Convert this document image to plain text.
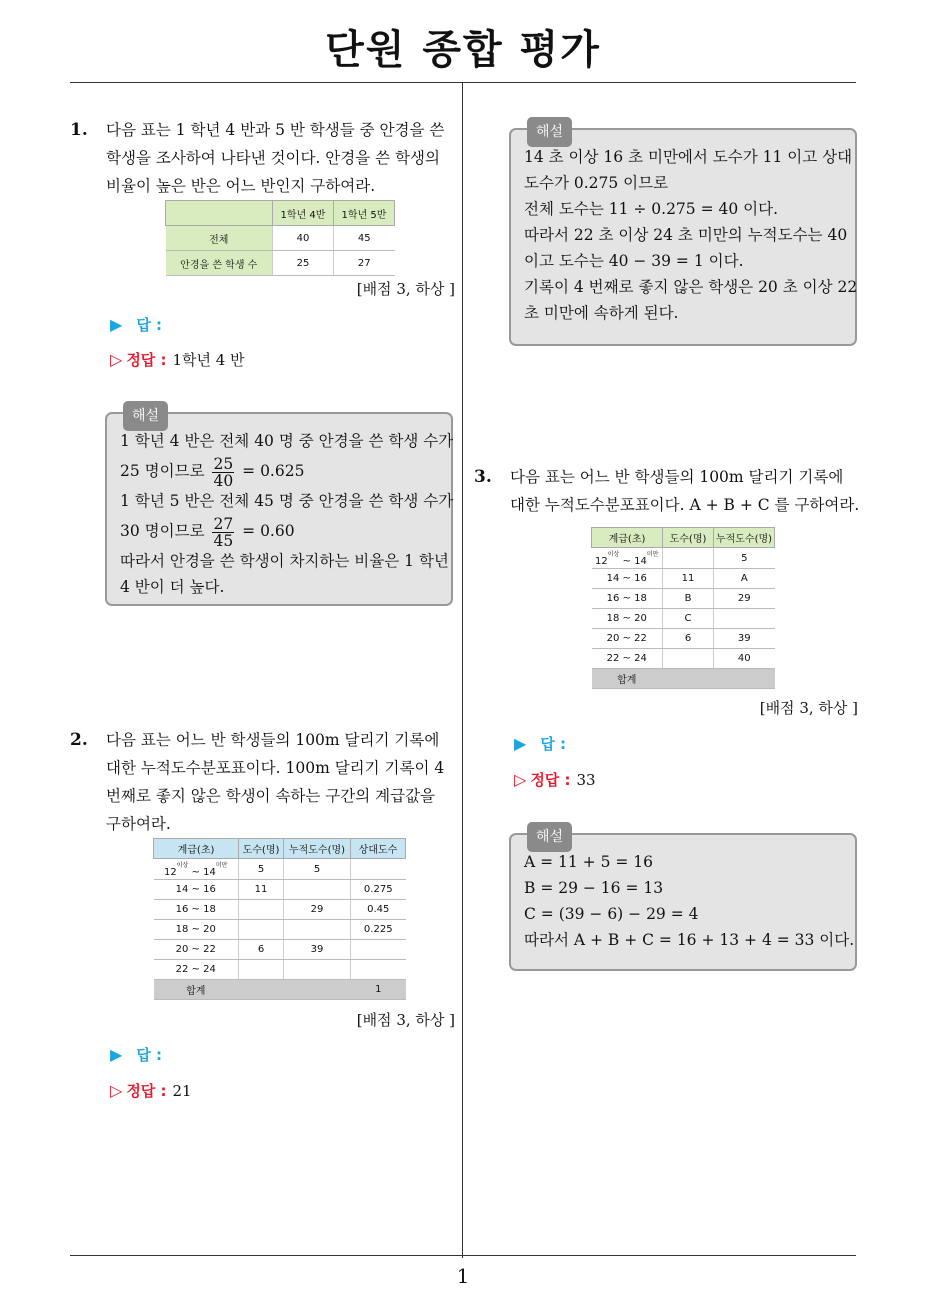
단원 종합 평가
1
1. 다음 표는 1 학년 4 반과 5 반 학생들 중 안경을 쓴
학생을 조사하여 나타낸 것이다. 안경을 쓴 학생의
비율이 높은 반은 어느 반인지 구하여라.
	1학년 4반	1학년 5반
전체	40	45
안경을 쓴 학생 수	25	27
[배점 3, 하상 ]
▶ 답 :
▷ 정답 : 1학년 4 반
해설
1 학년 4 반은 전체 40 명 중 안경을 쓴 학생 수가
25 명이므로 $\frac{25}{40} = 0.625$
1 학년 5 반은 전체 45 명 중 안경을 쓴 학생 수가
30 명이므로 $\frac{27}{45} = 0.60$
따라서 안경을 쓴 학생이 차지하는 비율은 1 학년
4 반이 더 높다.
2. 다음 표는 어느 반 학생들의 100m 달리기 기록에
대한 누적도수분포표이다. 100m 달리기 기록이 4
번째로 좋지 않은 학생이 속하는 구간의 계급값을
구하여라.
계급(초)	도수(명)	누적도수(명)	상대도수
$12^{이상}$ ~ $14^{미만}$	5	5	
14 ~ 16	11		0.275
16 ~ 18		29	0.45
18 ~ 20			0.225
20 ~ 22	6	39	
22 ~ 24			
합계			1
[배점 3, 하상 ]
▶ 답 :
▷ 정답 : 21
해설
14 초 이상 16 초 미만에서 도수가 11 이고 상대
도수가 0.275 이므로
전체 도수는 11 ÷ 0.275 = 40 이다.
따라서 22 초 이상 24 초 미만의 누적도수는 40
이고 도수는 40 − 39 = 1 이다.
기록이 4 번째로 좋지 않은 학생은 20 초 이상 22
초 미만에 속하게 된다.
3. 다음 표는 어느 반 학생들의 100m 달리기 기록에
대한 누적도수분포표이다. A + B + C 를 구하여라.
계급(초)	도수(명)	누적도수(명)
$12^{이상}$ ~ $14^{미만}$		5
14 ~ 16	11	A
16 ~ 18	B	29
18 ~ 20	C	
20 ~ 22	6	39
22 ~ 24		40
합계		
[배점 3, 하상 ]
▶ 답 :
▷ 정답 : 33
해설
A = 11 + 5 = 16
B = 29 − 16 = 13
C = (39 − 6) − 29 = 4
따라서 A + B + C = 16 + 13 + 4 = 33 이다.
